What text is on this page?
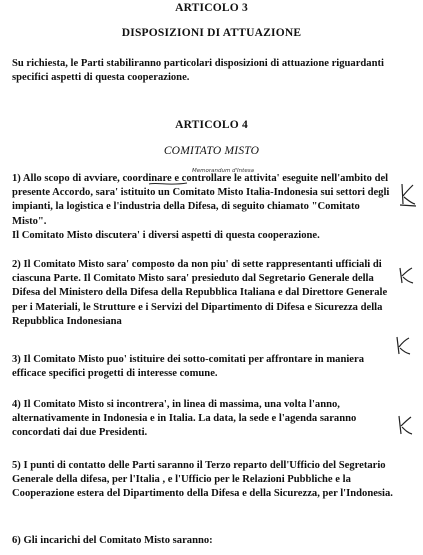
ARTICOLO 3
DISPOSIZIONI DI ATTUAZIONE

Su richiesta, le Parti stabiliranno particolari disposizioni di attuazione riguardanti specifici aspetti di questa cooperazione.

ARTICOLO 4
COMITATO MISTO

1) Allo scopo di avviare, coordinare e controllare le attivita' eseguite nell'ambito del presente Accordo, sara' istituito un Comitato Misto Italia-Indonesia sui settori degli impianti, la logistica e l'industria della Difesa, di seguito chiamato "Comitato Misto".

Il Comitato Misto discutera' i diversi aspetti di questa cooperazione.

2) Il Comitato Misto sara' composto da non piu' di sette rappresentanti ufficiali di ciascuna Parte. Il Comitato Misto sara' presieduto dal Segretario Generale della Difesa del Ministero della Difesa della Repubblica Italiana e dal Direttore Generale per i Materiali, le Strutture e i Servizi del Dipartimento di Difesa e Sicurezza della Repubblica Indonesiana

3) Il Comitato Misto puo' istituire dei sotto-comitati per affrontare in maniera efficace specifici progetti di interesse comune.

4) Il Comitato Misto si incontrera', in linea di massima, una volta l'anno, alternativamente in Indonesia e in Italia. La data, la sede e l'agenda saranno concordati dai due Presidenti.

5) I punti di contatto delle Parti saranno il Terzo reparto dell'Ufficio del Segretario Generale della difesa, per l'Italia , e l'Ufficio per le Relazioni Pubbliche e la Cooperazione estera del Dipartimento della Difesa e della Sicurezza, per l'Indonesia.

6) Gli incarichi del Comitato Misto saranno:

Memorandum d'Intesa
